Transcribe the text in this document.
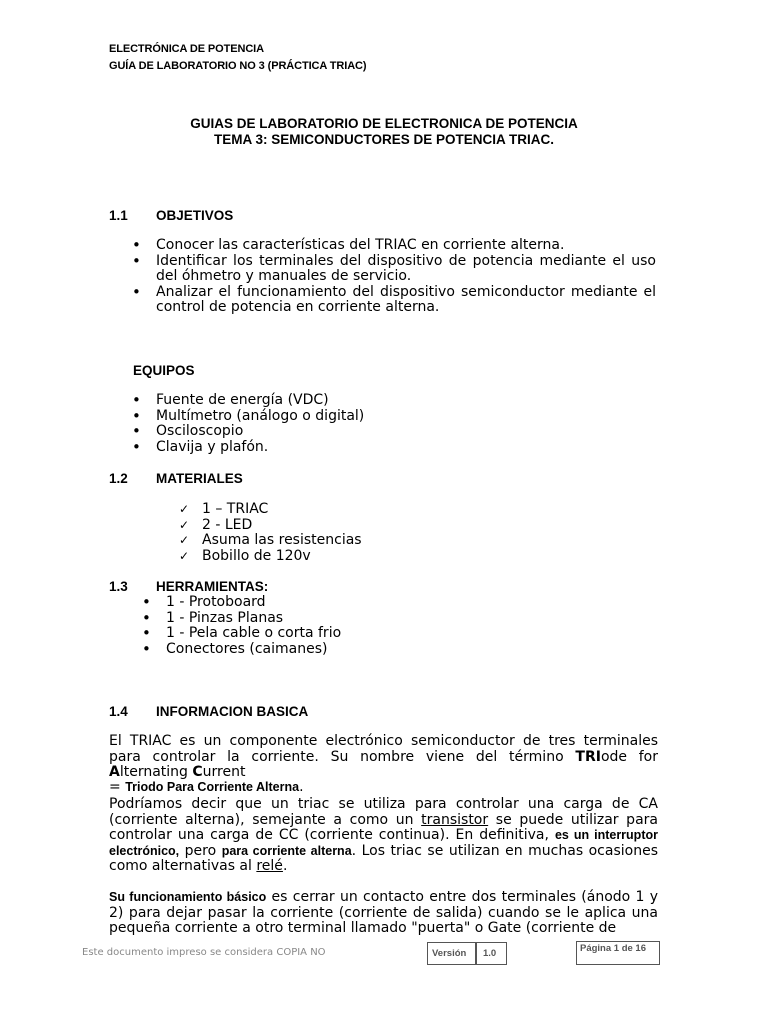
ELECTRÓNICA DE POTENCIA
GUÍA DE LABORATORIO NO 3 (PRÁCTICA TRIAC)
GUIAS DE LABORATORIO DE ELECTRONICA DE POTENCIA
TEMA 3: SEMICONDUCTORES DE POTENCIA TRIAC.
1.1 OBJETIVOS
• Conocer las características del TRIAC en corriente alterna.
• Identificar los terminales del dispositivo de potencia mediante el uso del óhmetro y manuales de servicio.
• Analizar el funcionamiento del dispositivo semiconductor mediante el control de potencia en corriente alterna.
EQUIPOS
• Fuente de energía (VDC)
• Multímetro (análogo o digital)
• Osciloscopio
• Clavija y plafón.
1.2 MATERIALES
✓ 1 – TRIAC
✓ 2 - LED
✓ Asuma las resistencias
✓ Bobillo de 120v
1.3 HERRAMIENTAS:
• 1 - Protoboard
• 1 - Pinzas Planas
• 1 - Pela cable o corta frio
• Conectores (caimanes)
1.4 INFORMACION BASICA
El TRIAC es un componente electrónico semiconductor de tres terminales para controlar la corriente. Su nombre viene del término TRIode for Alternating Current
= Triodo Para Corriente Alterna.
Podríamos decir que un triac se utiliza para controlar una carga de CA (corriente alterna), semejante a como un transistor se puede utilizar para controlar una carga de CC (corriente continua). En definitiva, es un interruptor electrónico, pero para corriente alterna. Los triac se utilizan en muchas ocasiones como alternativas al relé.
Su funcionamiento básico es cerrar un contacto entre dos terminales (ánodo 1 y 2) para dejar pasar la corriente (corriente de salida) cuando se le aplica una pequeña corriente a otro terminal llamado "puerta" o Gate (corriente de
Este documento impreso se considera COPIA NO	Versión 1.0	Página 1 de 16
